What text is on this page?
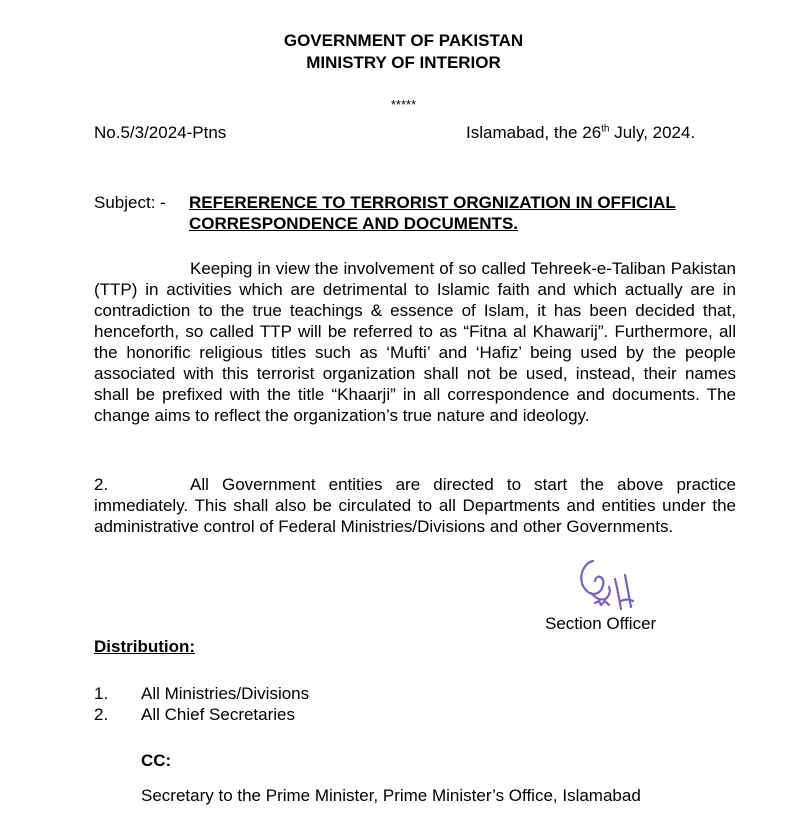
GOVERNMENT OF PAKISTAN
MINISTRY OF INTERIOR
*****
No.5/3/2024-Ptns	Islamabad, the 26th July, 2024.
Subject: - REFERERENCE TO TERRORIST ORGNIZATION IN OFFICIAL
CORRESPONDENCE AND DOCUMENTS.
Keeping in view the involvement of so called Tehreek-e-Taliban Pakistan (TTP) in activities which are detrimental to Islamic faith and which actually are in contradiction to the true teachings & essence of Islam, it has been decided that, henceforth, so called TTP will be referred to as “Fitna al Khawarij”. Furthermore, all the honorific religious titles such as ‘Mufti’ and ‘Hafiz’ being used by the people associated with this terrorist organization shall not be used, instead, their names shall be prefixed with the title “Khaarji” in all correspondence and documents. The change aims to reflect the organization’s true nature and ideology.
2.	All Government entities are directed to start the above practice immediately. This shall also be circulated to all Departments and entities under the administrative control of Federal Ministries/Divisions and other Governments.
Section Officer
Distribution:
1. All Ministries/Divisions
2. All Chief Secretaries
CC:
Secretary to the Prime Minister, Prime Minister’s Office, Islamabad
